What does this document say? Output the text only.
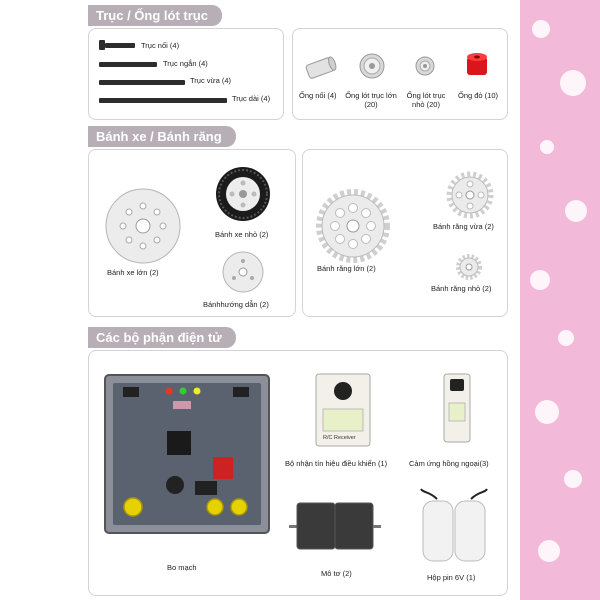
Trục / Ống lót trục
Trục nối (4)
Trục ngắn (4)
Trục vừa (4)
Trục dài (4)	Ống nối (4) Ống lót trục lớn (20)
Ống lót trục nhỏ (20)
Ống đỏ (10)
Bánh xe / Bánh răng
Bánh xe lớn (2)
Bánh xe nhỏ (2)
Bánhhướng dẫn (2)
Bánh răng lớn (2)
Bánh răng vừa (2)
Bánh răng nhỏ (2)
Các bộ phận điện tử
Bo mạch
R/C Receiver
Bộ nhận tín hiệu điều khiển (1)	Cảm ứng hồng ngoại(3)
Mô tơ (2)	Hộp pin 6V (1)
